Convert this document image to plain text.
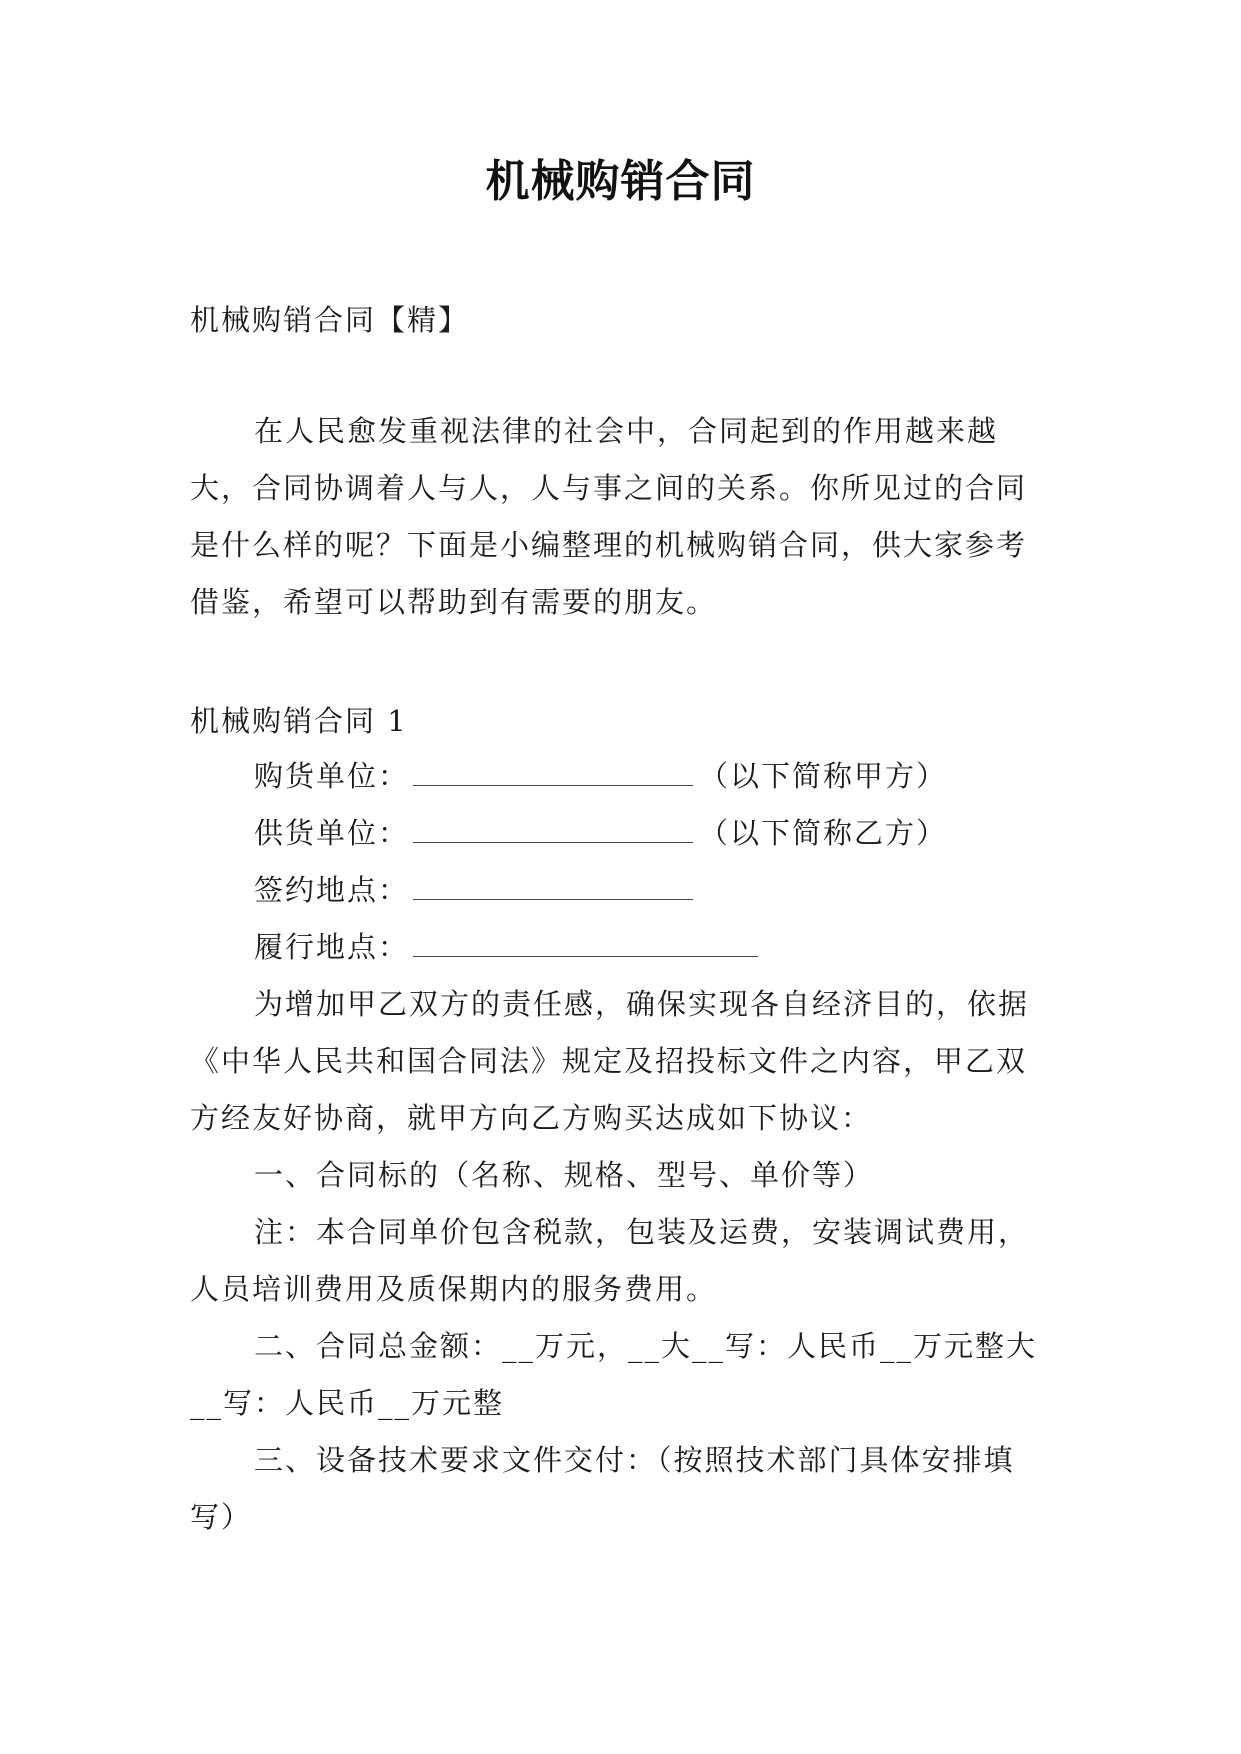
机械购销合同

机械购销合同【精】

在人民愈发重视法律的社会中，合同起到的作用越来越大，合同协调着人与人，人与事之间的关系。你所见过的合同是什么样的呢？下面是小编整理的机械购销合同，供大家参考借鉴，希望可以帮助到有需要的朋友。

机械购销合同 1

购货单位：	（以下简称甲方）
供货单位：	（以下简称乙方）
签约地点：
履行地点：

为增加甲乙双方的责任感，确保实现各自经济目的，依据《中华人民共和国合同法》规定及招投标文件之内容，甲乙双方经友好协商，就甲方向乙方购买达成如下协议：

一、合同标的（名称、规格、型号、单价等）

注：本合同单价包含税款，包装及运费，安装调试费用，人员培训费用及质保期内的服务费用。

二、合同总金额：__万元，__大__写：人民币__万元整大__写：人民币__万元整

三、设备技术要求文件交付：（按照技术部门具体安排填写）
